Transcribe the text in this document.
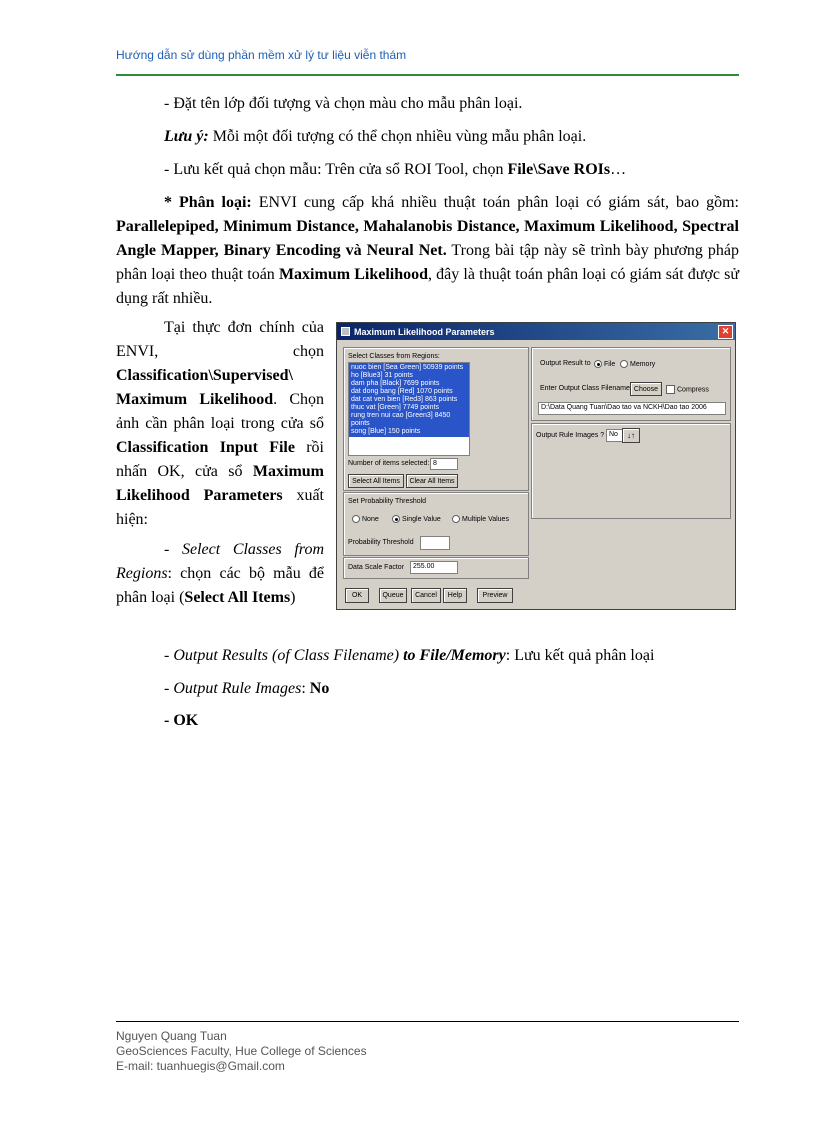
Hướng dẫn sử dùng phần mềm xử lý tư liệu viễn thám
- Đặt tên lớp đối tượng và chọn màu cho mẫu phân loại.
Lưu ý: Mỗi một đối tượng có thể chọn nhiều vùng mẫu phân loại.
- Lưu kết quả chọn mẫu: Trên cửa sổ ROI Tool, chọn File\Save ROIs…
* Phân loại: ENVI cung cấp khá nhiều thuật toán phân loại có giám sát, bao gồm: Parallelepiped, Minimum Distance, Mahalanobis Distance, Maximum Likelihood, Spectral Angle Mapper, Binary Encoding và Neural Net. Trong bài tập này sẽ trình bày phương pháp phân loại theo thuật toán Maximum Likelihood, đây là thuật toán phân loại có giám sát được sử dụng rất nhiều.

Tại thực đơn chính của ENVI, chọn Classification\Supervised\ Maximum Likelihood. Chọn ảnh cần phân loại trong cửa sổ Classification Input File rồi nhấn OK, cửa sổ Maximum Likelihood Parameters xuất hiện:

- Select Classes from Regions: chọn các bộ mẫu để phân loại (Select All Items)

Maximum Likelihood Parameters	✕
Select Classes from Regions:
nuoc bien [Sea Green] 50939 points
ho [Blue3] 31 points
dam pha [Black] 7699 points
dat dong bang [Red] 1070 points
dat cat ven bien [Red3] 863 points
thuc vat [Green] 7749 points
rung tren nui cao [Green3] 8450 points
song [Blue] 150 points
Number of items selected: 8
Select All Items	Clear All Items
Set Probability Threshold
None	Single Value	Multiple Values
Probability Threshold
Data Scale Factor	255.00
OK	Queue	Cancel	Help	Preview
Output Result to	File	Memory
Enter Output Class Filename Choose	Compress
D:\Data Quang Tuan\Dao tao va NCKH\Dao tao 2006
Output Rule Images ? No	↓↑
- Output Results (of Class Filename) to File/Memory: Lưu kết quả phân loại
- Output Rule Images: No
- OK
Nguyen Quang Tuan
GeoSciences Faculty, Hue College of Sciences
E-mail: tuanhuegis@Gmail.com
